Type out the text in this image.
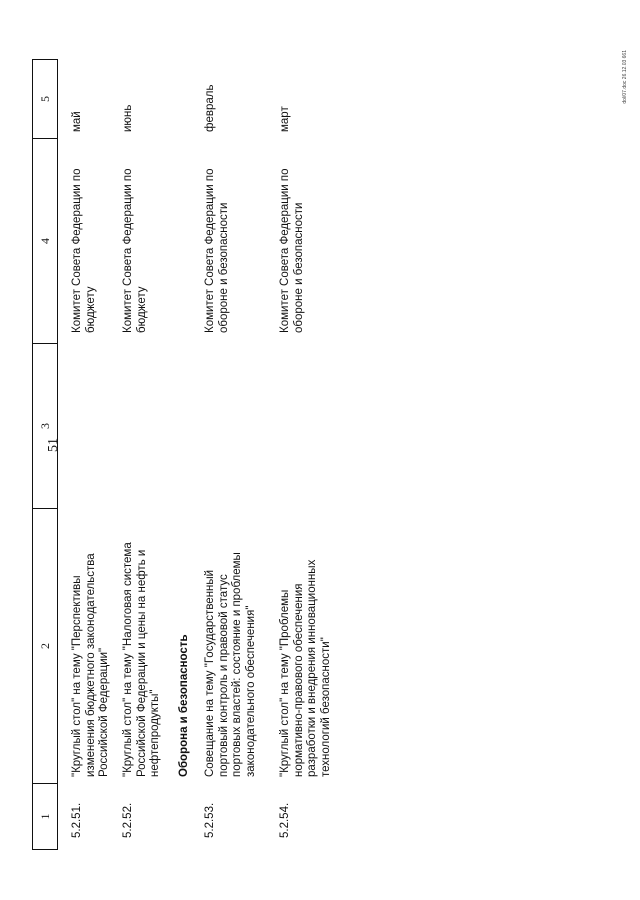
51
dol/07.doc 26.12.03 661
1
2
3
4
5
5.2.51.
"Круглый стол" на тему "Перспективы изменения бюджетного законодательства Российской Федерации"
Комитет Совета Федерации по бюджету
май
5.2.52.
"Круглый стол" на тему "Налоговая система Российской Федерации и цены на нефть и нефтепродукты"
Комитет Совета Федерации по бюджету
июнь
Оборона и безопасность
5.2.53.
Совещание на тему "Государственный портовый контроль и правовой статус портовых властей: состояние и проблемы законодательного обеспечения"
Комитет Совета Федерации по обороне и безопасности
февраль
5.2.54.
"Круглый стол" на тему "Проблемы нормативно-правового обеспечения разработки и внедрения инновационных технологий безопасности"
Комитет Совета Федерации по обороне и безопасности
март
